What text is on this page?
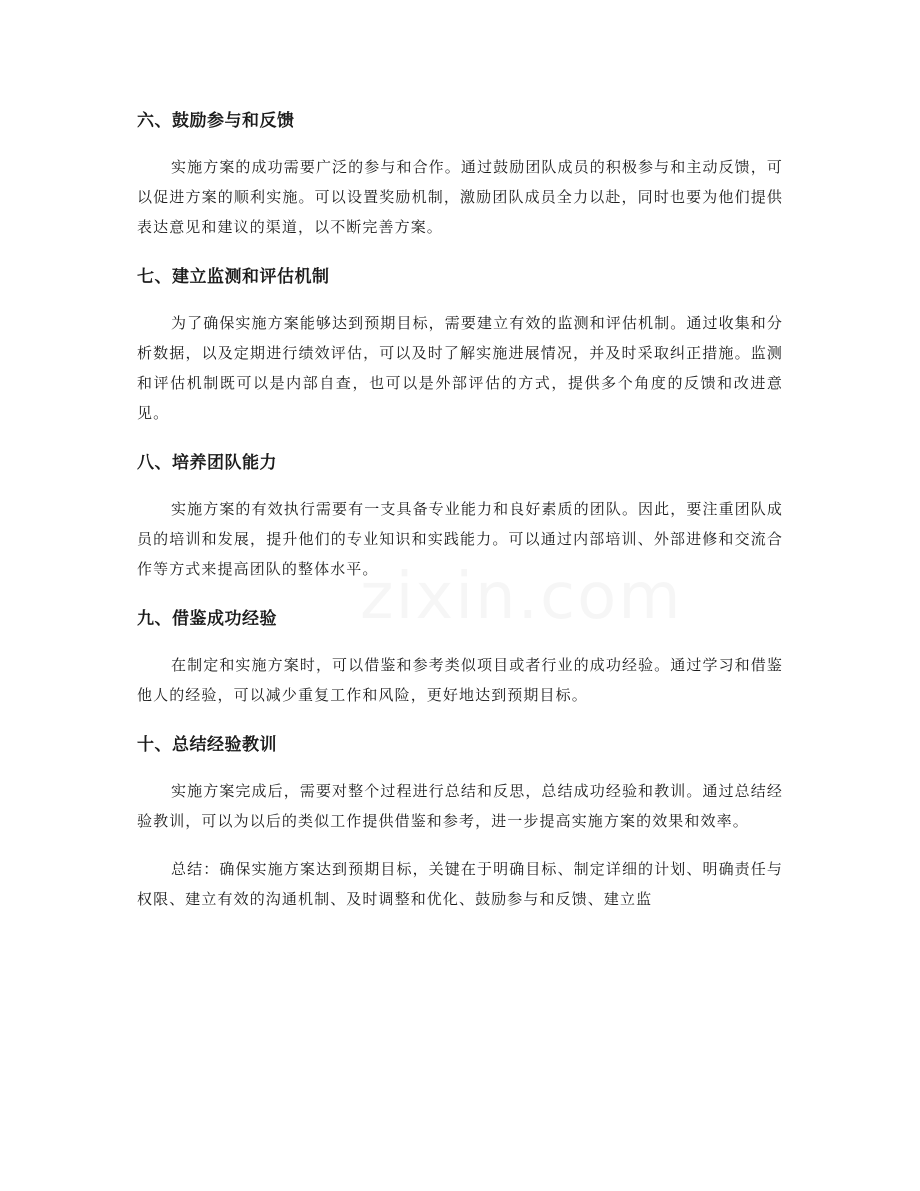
六、鼓励参与和反馈

实施方案的成功需要广泛的参与和合作。通过鼓励团队成员的积极参与和主动反馈，可以促进方案的顺利实施。可以设置奖励机制，激励团队成员全力以赴，同时也要为他们提供表达意见和建议的渠道，以不断完善方案。

七、建立监测和评估机制

为了确保实施方案能够达到预期目标，需要建立有效的监测和评估机制。通过收集和分析数据，以及定期进行绩效评估，可以及时了解实施进展情况，并及时采取纠正措施。监测和评估机制既可以是内部自查，也可以是外部评估的方式，提供多个角度的反馈和改进意见。

八、培养团队能力

实施方案的有效执行需要有一支具备专业能力和良好素质的团队。因此，要注重团队成员的培训和发展，提升他们的专业知识和实践能力。可以通过内部培训、外部进修和交流合作等方式来提高团队的整体水平。

九、借鉴成功经验

在制定和实施方案时，可以借鉴和参考类似项目或者行业的成功经验。通过学习和借鉴他人的经验，可以减少重复工作和风险，更好地达到预期目标。

十、总结经验教训

实施方案完成后，需要对整个过程进行总结和反思，总结成功经验和教训。通过总结经验教训，可以为以后的类似工作提供借鉴和参考，进一步提高实施方案的效果和效率。

总结：确保实施方案达到预期目标，关键在于明确目标、制定详细的计划、明确责任与权限、建立有效的沟通机制、及时调整和优化、鼓励参与和反馈、建立监
